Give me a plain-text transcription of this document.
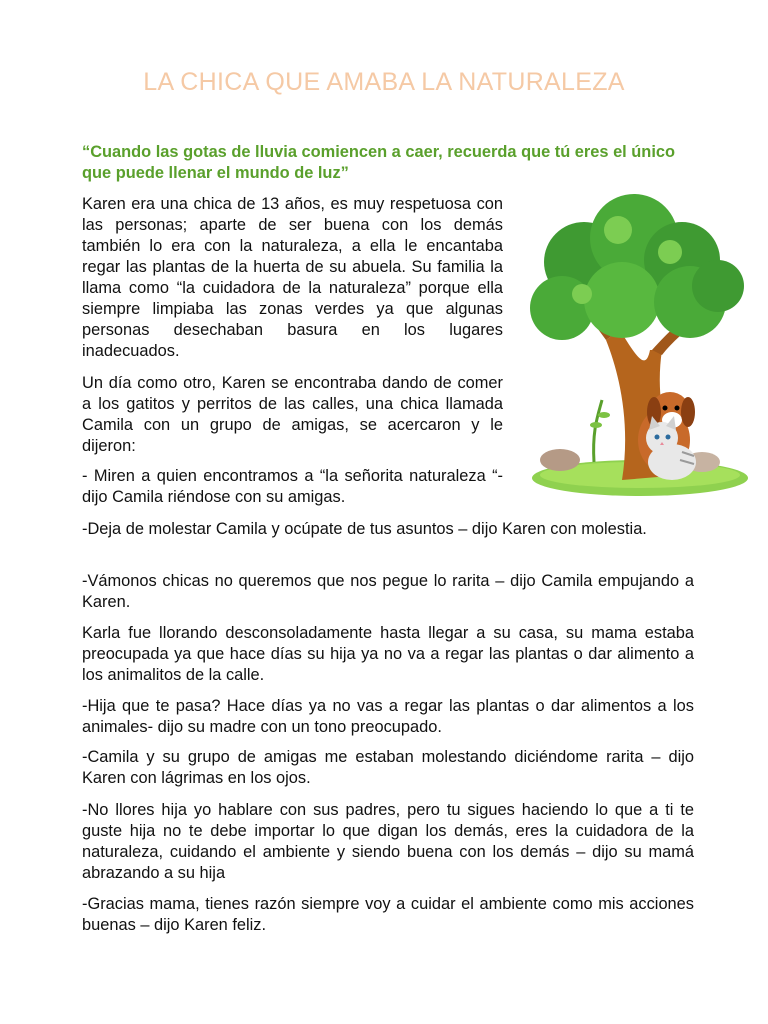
LA CHICA QUE AMABA LA NATURALEZA

“Cuando las gotas de lluvia comiencen a caer, recuerda que tú eres el único que puede llenar el mundo de luz”

Karen era una chica de 13 años, es muy respetuosa con las personas; aparte de ser buena con los demás también lo era con la naturaleza, a ella le encantaba regar las plantas de la huerta de su abuela. Su familia la llama como “la cuidadora de la naturaleza” porque ella siempre limpiaba las zonas verdes ya que algunas personas desechaban basura en los lugares inadecuados.

Un día como otro, Karen se encontraba dando de comer a los gatitos y perritos de las calles, una chica llamada Camila con un grupo de amigas, se acercaron y le dijeron:

- Miren a quien encontramos a “la señorita naturaleza “- dijo Camila riéndose con su amigas.

-Deja de molestar Camila y ocúpate de tus asuntos – dijo Karen con molestia.

-Vámonos chicas no queremos que nos pegue lo rarita – dijo Camila empujando a Karen.

Karla fue llorando desconsoladamente hasta llegar a su casa, su mama estaba preocupada ya que hace días su hija ya no va a regar las plantas o dar alimento a los animalitos de la calle.

-Hija que te pasa? Hace días ya no vas a regar las plantas o dar alimentos a los animales- dijo su madre con un tono preocupado.

-Camila y su grupo de amigas me estaban molestando diciéndome rarita – dijo Karen con lágrimas en los ojos.

-No llores hija yo hablare con sus padres, pero tu sigues haciendo lo que a ti te guste hija no te debe importar lo que digan los demás, eres la cuidadora de la naturaleza, cuidando el ambiente y siendo buena con los demás – dijo su mamá abrazando a su hija

-Gracias mama, tienes razón siempre voy a cuidar el ambiente como mis acciones buenas – dijo Karen feliz.
